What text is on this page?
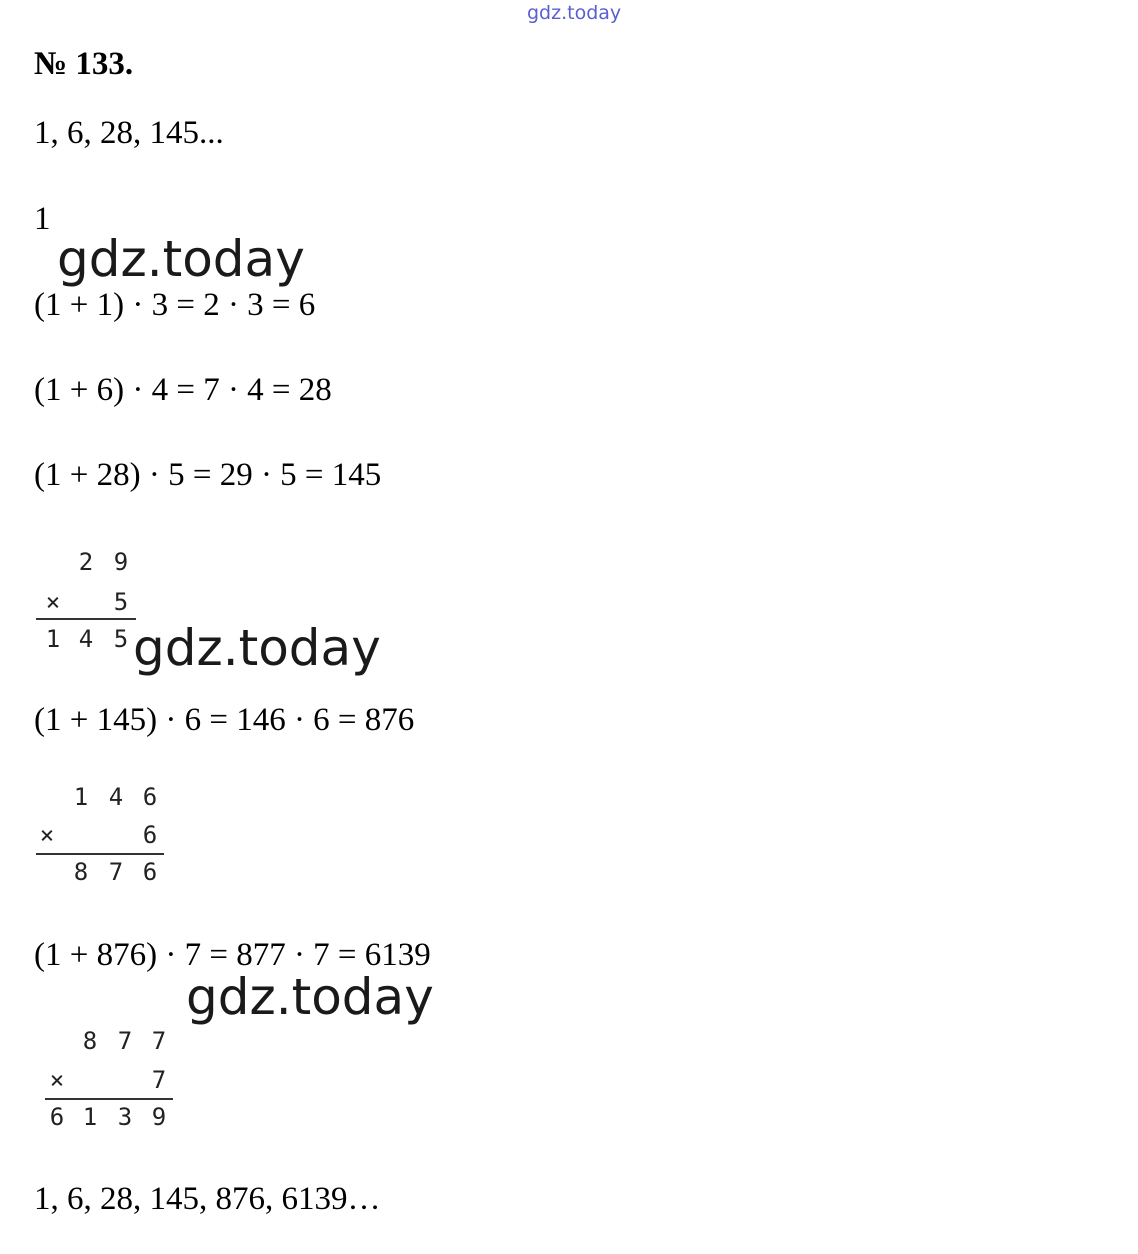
gdz.today
№ 133.
1, 6, 28, 145...
1
gdz.today
(1 + 1) · 3 = 2 · 3 = 6
(1 + 6) · 4 = 7 · 4 = 28
(1 + 28) · 5 = 29 · 5 = 145
2 9
×	5
1 4 5 gdz.today
(1 + 145) · 6 = 146 · 6 = 876
1 4 6
×	6
8 7 6
(1 + 876) · 7 = 877 · 7 = 6139
gdz.today
8 7 7
×	7
6 1 3 9
1, 6, 28, 145, 876, 6139…
